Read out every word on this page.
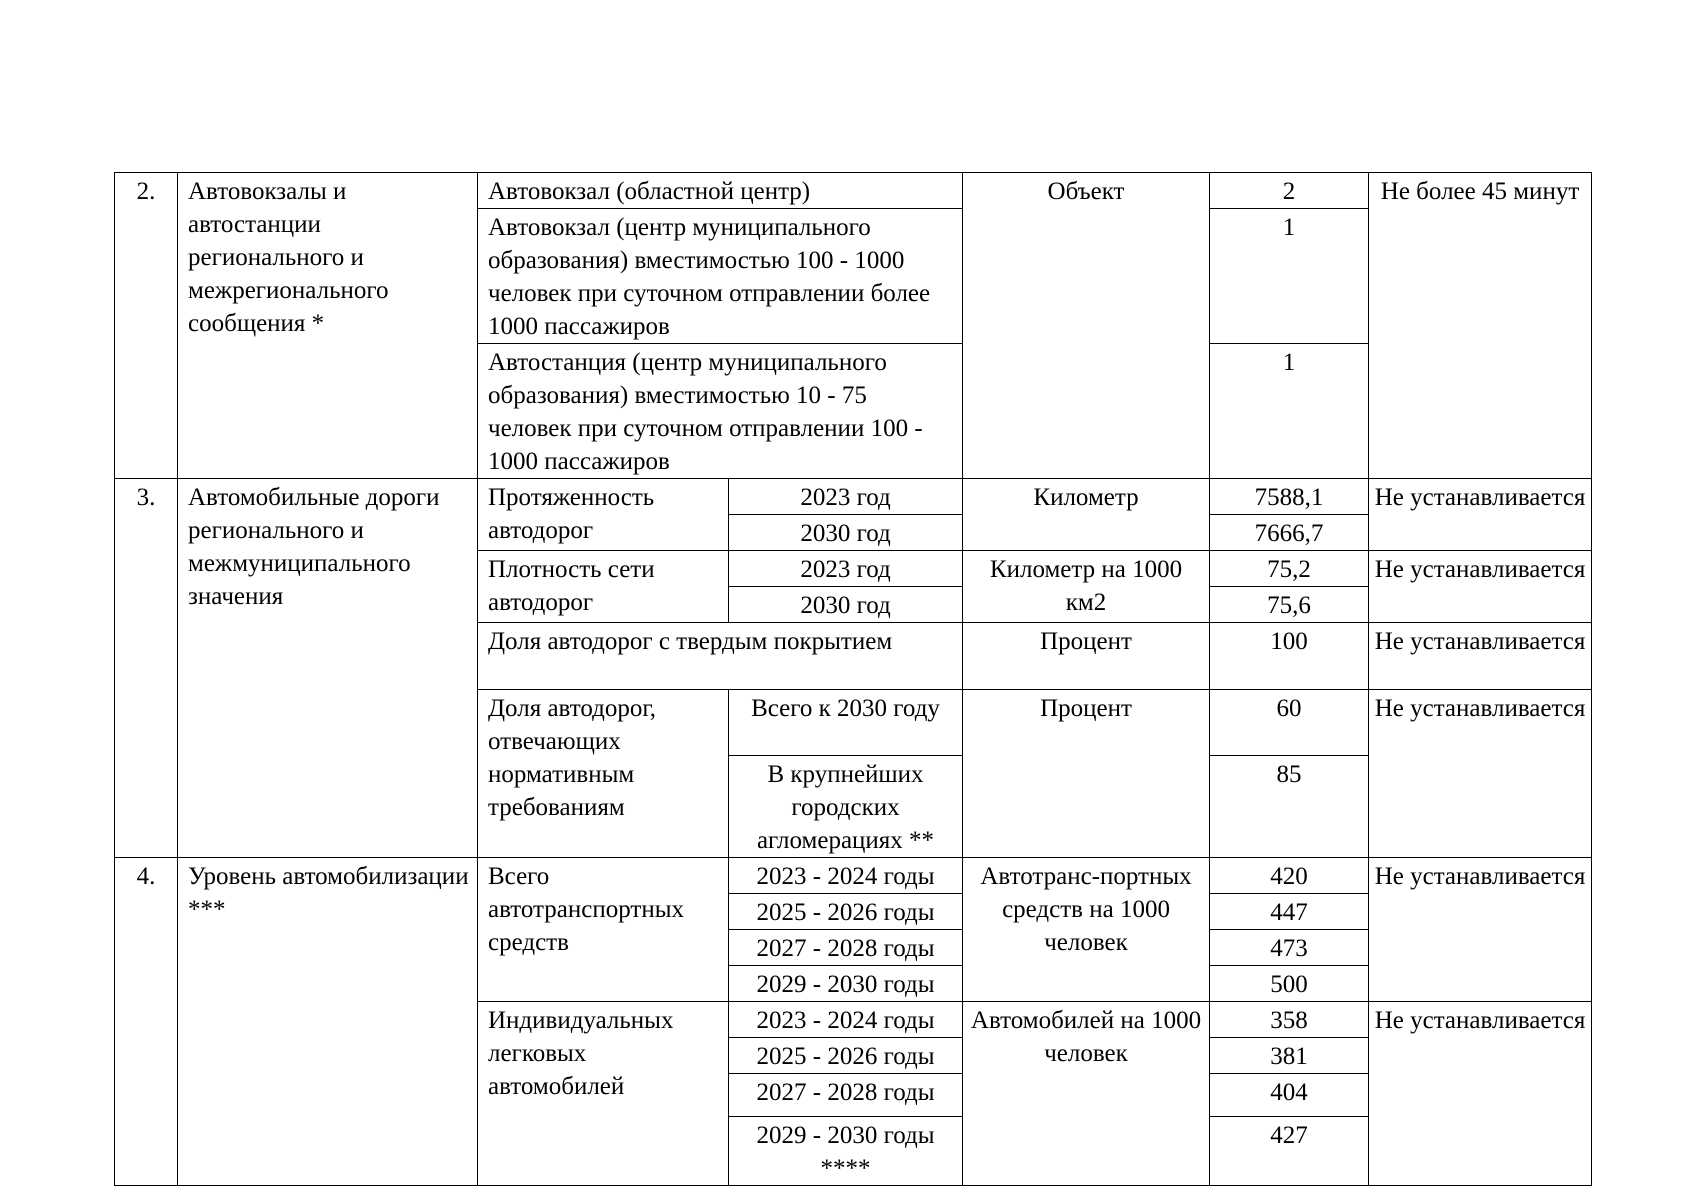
2.	Автовокзалы и автостанции регионального и межрегионального сообщения *	Автовокзал (областной центр)		Объект	2	Не более 45 минут
		Автовокзал (центр муниципального образования) вместимостью 100 - 1000 человек при суточном отправлении более 1000 пассажиров			1	
		Автостанция (центр муниципального образования) вместимостью 10 - 75 человек при суточном отправлении 100 - 1000 пассажиров			1	
3.	Автомобильные дороги регионального и межмуниципального значения	Протяженность автодорог	2023 год	Километр	7588,1	Не устанавливается
			2030 год		7666,7	
		Плотность сети автодорог	2023 год	Километр на 1000 км2	75,2	Не устанавливается
			2030 год		75,6	
		Доля автодорог с твердым покрытием		Процент	100	Не устанавливается
		Доля автодорог, отвечающих нормативным требованиям	Всего к 2030 году	Процент	60	Не устанавливается

			В крупнейших городских агломерациях **		85	
4.	Уровень автомобилизации ***	Всего автотранспортных средств	2023 - 2024 годы	Автотранс-портных средств на 1000 человек	420	Не устанавливается
			2025 - 2026 годы		447	
			2027 - 2028 годы		473	
			2029 - 2030 годы		500	
		Индивидуальных легковых автомобилей	2023 - 2024 годы	Автомобилей на 1000 человек	358	Не устанавливается
			2025 - 2026 годы		381	
			2027 - 2028 годы		404	
			2029 - 2030 годы ****		427	
